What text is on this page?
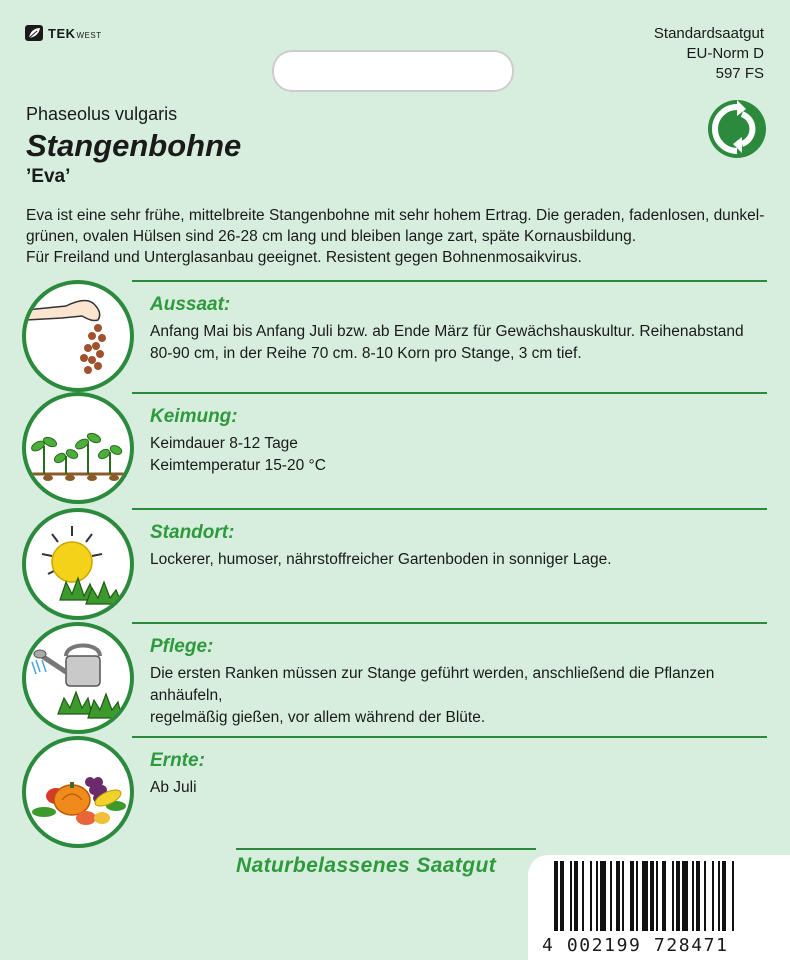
TEKWEST	Standardsaatgut
EU-Norm D
597 FS
Phaseolus vulgaris
Stangenbohne
’Eva’

Eva ist eine sehr frühe, mittelbreite Stangenbohne mit sehr hohem Ertrag. Die geraden, fadenlosen, dunkel-

grünen, ovalen Hülsen sind 26-28 cm lang und bleiben lange zart, späte Kornausbildung.

Für Freiland und Unterglasanbau geeignet. Resistent gegen Bohnenmosaikvirus.

Aussaat:

Anfang Mai bis Anfang Juli bzw. ab Ende März für Gewächshauskultur. Reihenabstand

80-90 cm, in der Reihe 70 cm. 8-10 Korn pro Stange, 3 cm tief.

Keimung:

Keimdauer 8-12 Tage

Keimtemperatur 15-20 °C

Standort:

Lockerer, humoser, nährstoffreicher Gartenboden in sonniger Lage.

Pflege:

Die ersten Ranken müssen zur Stange geführt werden, anschließend die Pflanzen anhäufeln,

regelmäßig gießen, vor allem während der Blüte.

Ernte:

Ab Juli

Naturbelassenes Saatgut
4 002199 728471
